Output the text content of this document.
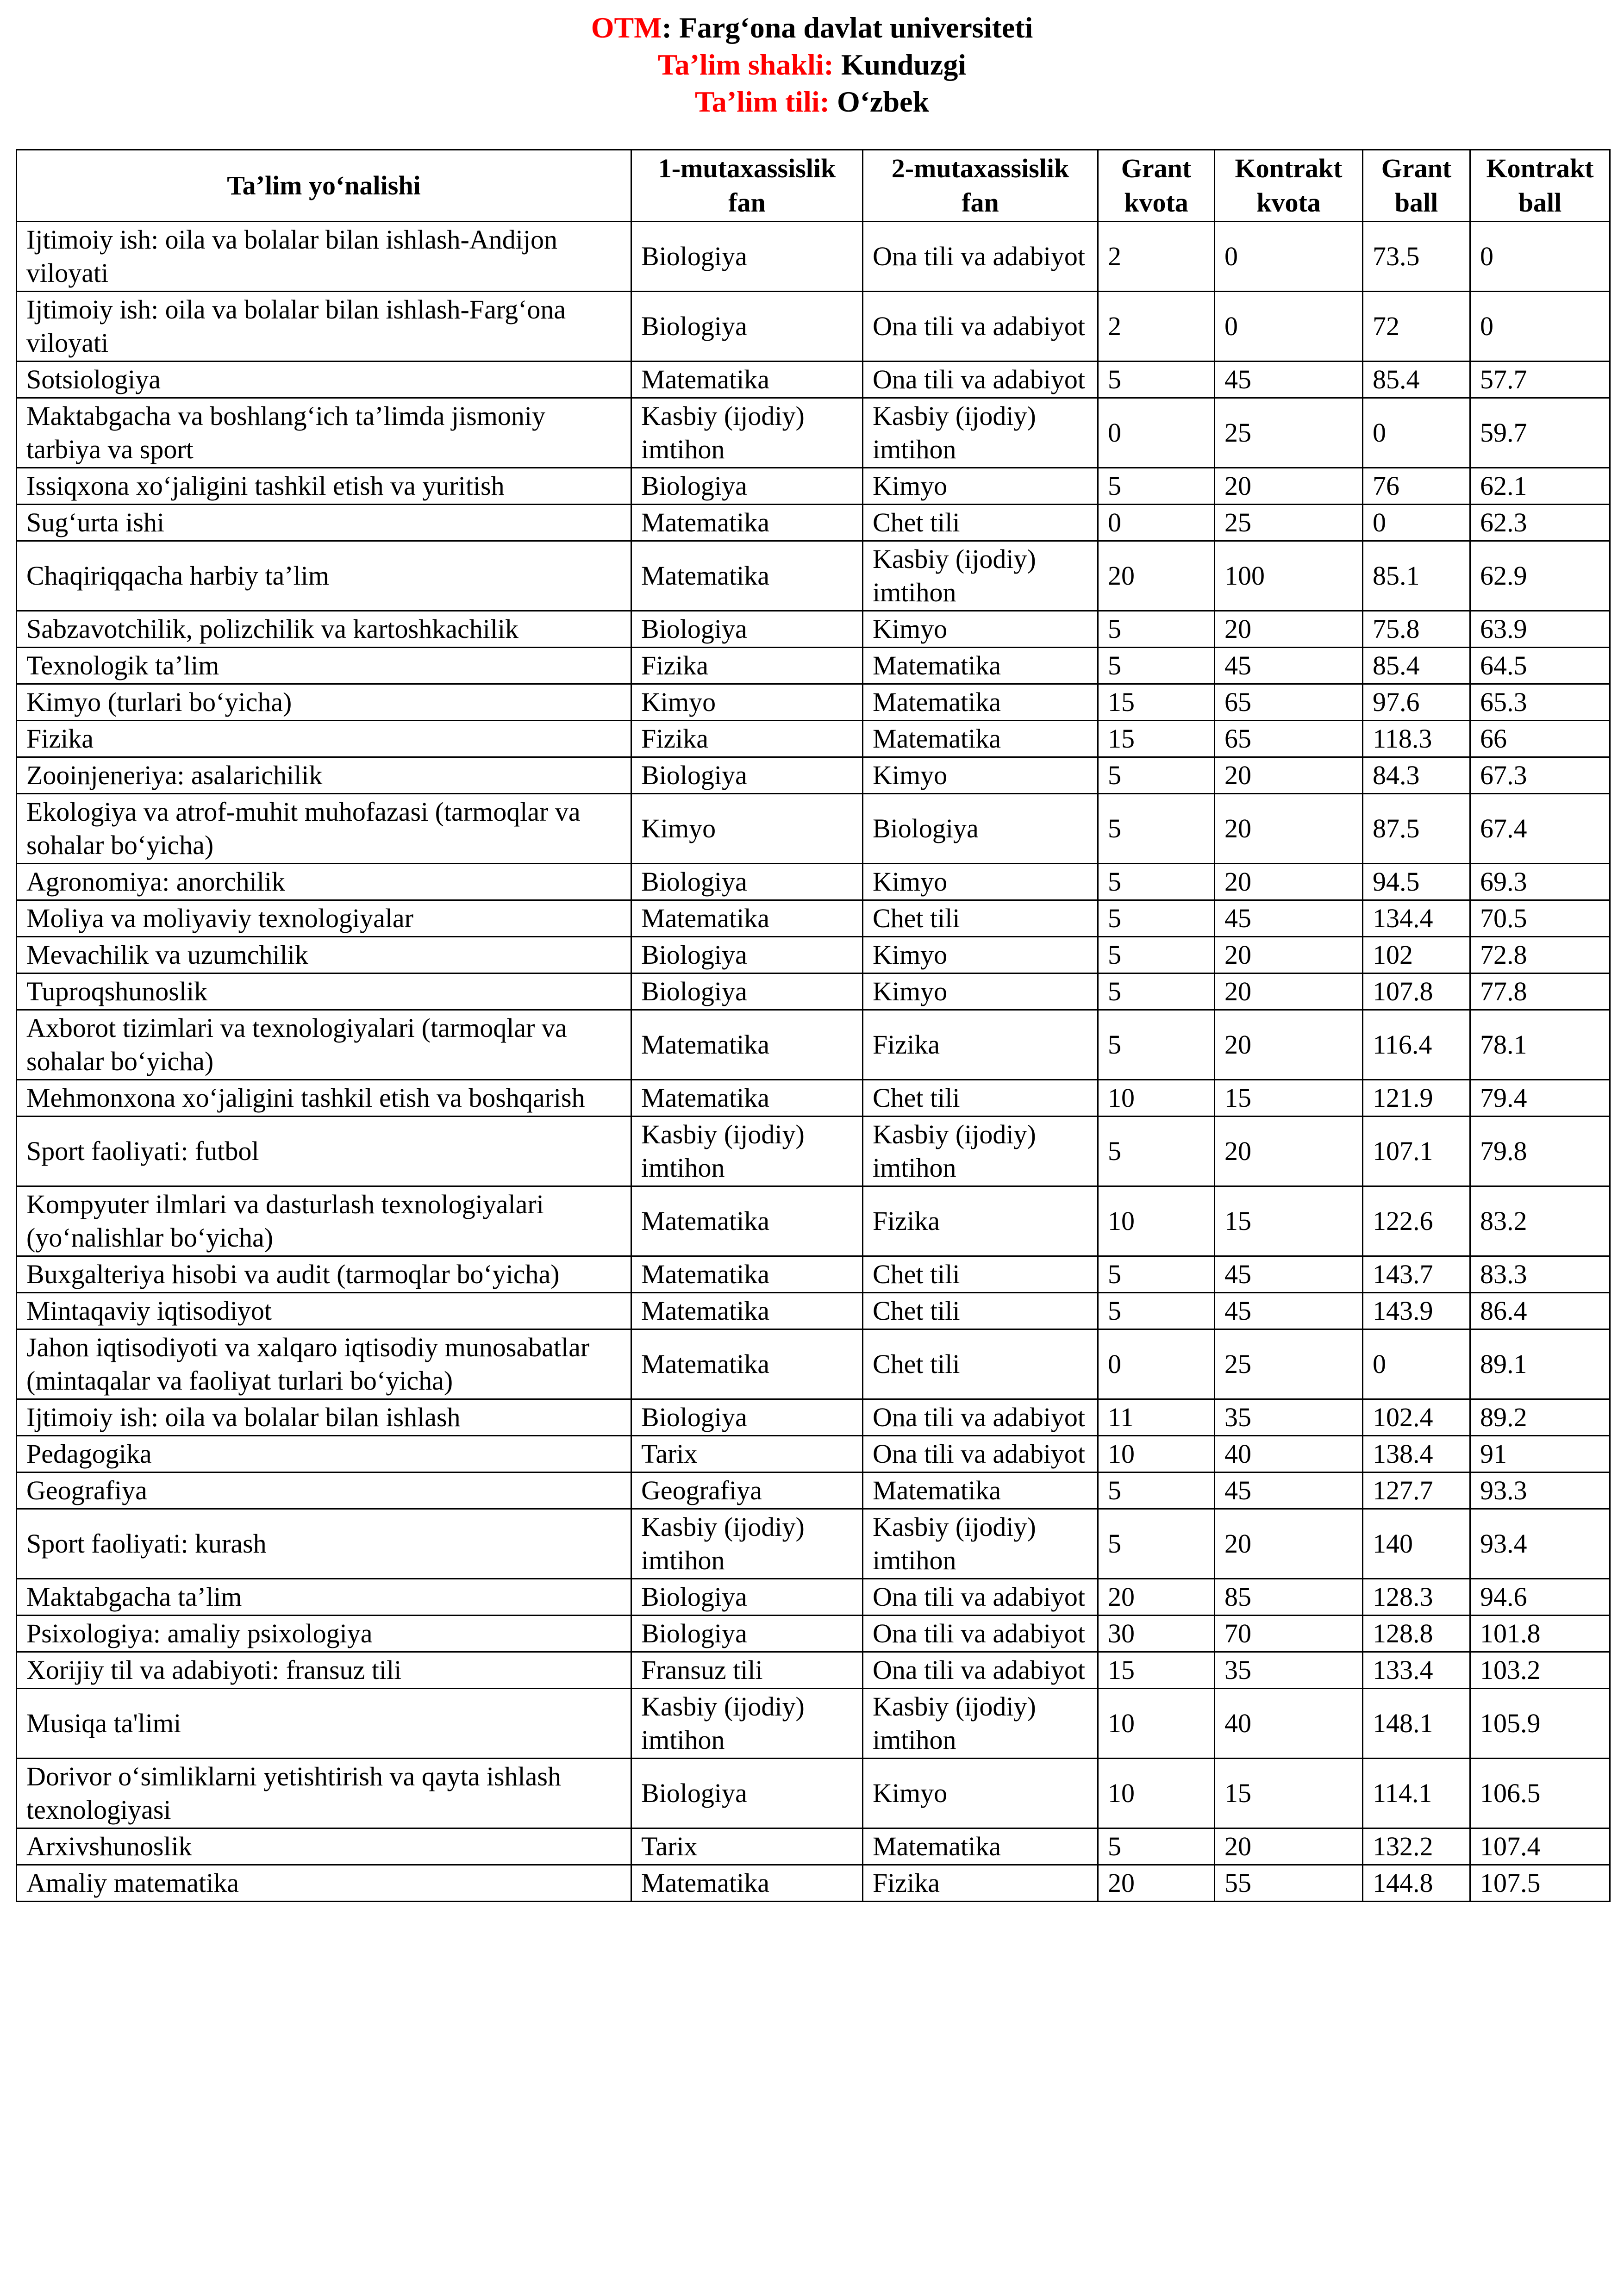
OTM: Farg‘ona davlat universiteti
Ta’lim shakli: Kunduzgi
Ta’lim tili: O‘zbek
Ta’lim yo‘nalishi	1-mutaxassislik fan	2-mutaxassislik fan	Grant kvota	Kontrakt kvota	Grant ball	Kontrakt ball
Ijtimoiy ish: oila va bolalar bilan ishlash-Andijon viloyati	Biologiya	Ona tili va adabiyot	2	0	73.5	0
Ijtimoiy ish: oila va bolalar bilan ishlash-Farg‘ona viloyati	Biologiya	Ona tili va adabiyot	2	0	72	0
Sotsiologiya	Matematika	Ona tili va adabiyot	5	45	85.4	57.7
Maktabgacha va boshlang‘ich ta’limda jismoniy tarbiya va sport	Kasbiy (ijodiy) imtihon	Kasbiy (ijodiy) imtihon	0	25	0	59.7
Issiqxona xo‘jaligini tashkil etish va yuritish	Biologiya	Kimyo	5	20	76	62.1
Sug‘urta ishi	Matematika	Chet tili	0	25	0	62.3
Chaqiriqqacha harbiy ta’lim	Matematika	Kasbiy (ijodiy) imtihon	20	100	85.1	62.9
Sabzavotchilik, polizchilik va kartoshkachilik	Biologiya	Kimyo	5	20	75.8	63.9
Texnologik ta’lim	Fizika	Matematika	5	45	85.4	64.5
Kimyo (turlari bo‘yicha)	Kimyo	Matematika	15	65	97.6	65.3
Fizika	Fizika	Matematika	15	65	118.3	66
Zooinjeneriya: asalarichilik	Biologiya	Kimyo	5	20	84.3	67.3
Ekologiya va atrof-muhit muhofazasi (tarmoqlar va sohalar bo‘yicha)	Kimyo	Biologiya	5	20	87.5	67.4
Agronomiya: anorchilik	Biologiya	Kimyo	5	20	94.5	69.3
Moliya va moliyaviy texnologiyalar	Matematika	Chet tili	5	45	134.4	70.5
Mevachilik va uzumchilik	Biologiya	Kimyo	5	20	102	72.8
Tuproqshunoslik	Biologiya	Kimyo	5	20	107.8	77.8
Axborot tizimlari va texnologiyalari (tarmoqlar va sohalar bo‘yicha)	Matematika	Fizika	5	20	116.4	78.1
Mehmonxona xo‘jaligini tashkil etish va boshqarish	Matematika	Chet tili	10	15	121.9	79.4
Sport faoliyati: futbol	Kasbiy (ijodiy) imtihon	Kasbiy (ijodiy) imtihon	5	20	107.1	79.8
Kompyuter ilmlari va dasturlash texnologiyalari (yo‘nalishlar bo‘yicha)	Matematika	Fizika	10	15	122.6	83.2
Buxgalteriya hisobi va audit (tarmoqlar bo‘yicha)	Matematika	Chet tili	5	45	143.7	83.3
Mintaqaviy iqtisodiyot	Matematika	Chet tili	5	45	143.9	86.4
Jahon iqtisodiyoti va xalqaro iqtisodiy munosabatlar (mintaqalar va faoliyat turlari bo‘yicha)	Matematika	Chet tili	0	25	0	89.1
Ijtimoiy ish: oila va bolalar bilan ishlash	Biologiya	Ona tili va adabiyot	11	35	102.4	89.2
Pedagogika	Tarix	Ona tili va adabiyot	10	40	138.4	91
Geografiya	Geografiya	Matematika	5	45	127.7	93.3
Sport faoliyati: kurash	Kasbiy (ijodiy) imtihon	Kasbiy (ijodiy) imtihon	5	20	140	93.4
Maktabgacha ta’lim	Biologiya	Ona tili va adabiyot	20	85	128.3	94.6
Psixologiya: amaliy psixologiya	Biologiya	Ona tili va adabiyot	30	70	128.8	101.8
Xorijiy til va adabiyoti: fransuz tili	Fransuz tili	Ona tili va adabiyot	15	35	133.4	103.2
Musiqa ta'limi	Kasbiy (ijodiy) imtihon	Kasbiy (ijodiy) imtihon	10	40	148.1	105.9
Dorivor o‘simliklarni yetishtirish va qayta ishlash texnologiyasi	Biologiya	Kimyo	10	15	114.1	106.5
Arxivshunoslik	Tarix	Matematika	5	20	132.2	107.4
Amaliy matematika	Matematika	Fizika	20	55	144.8	107.5
